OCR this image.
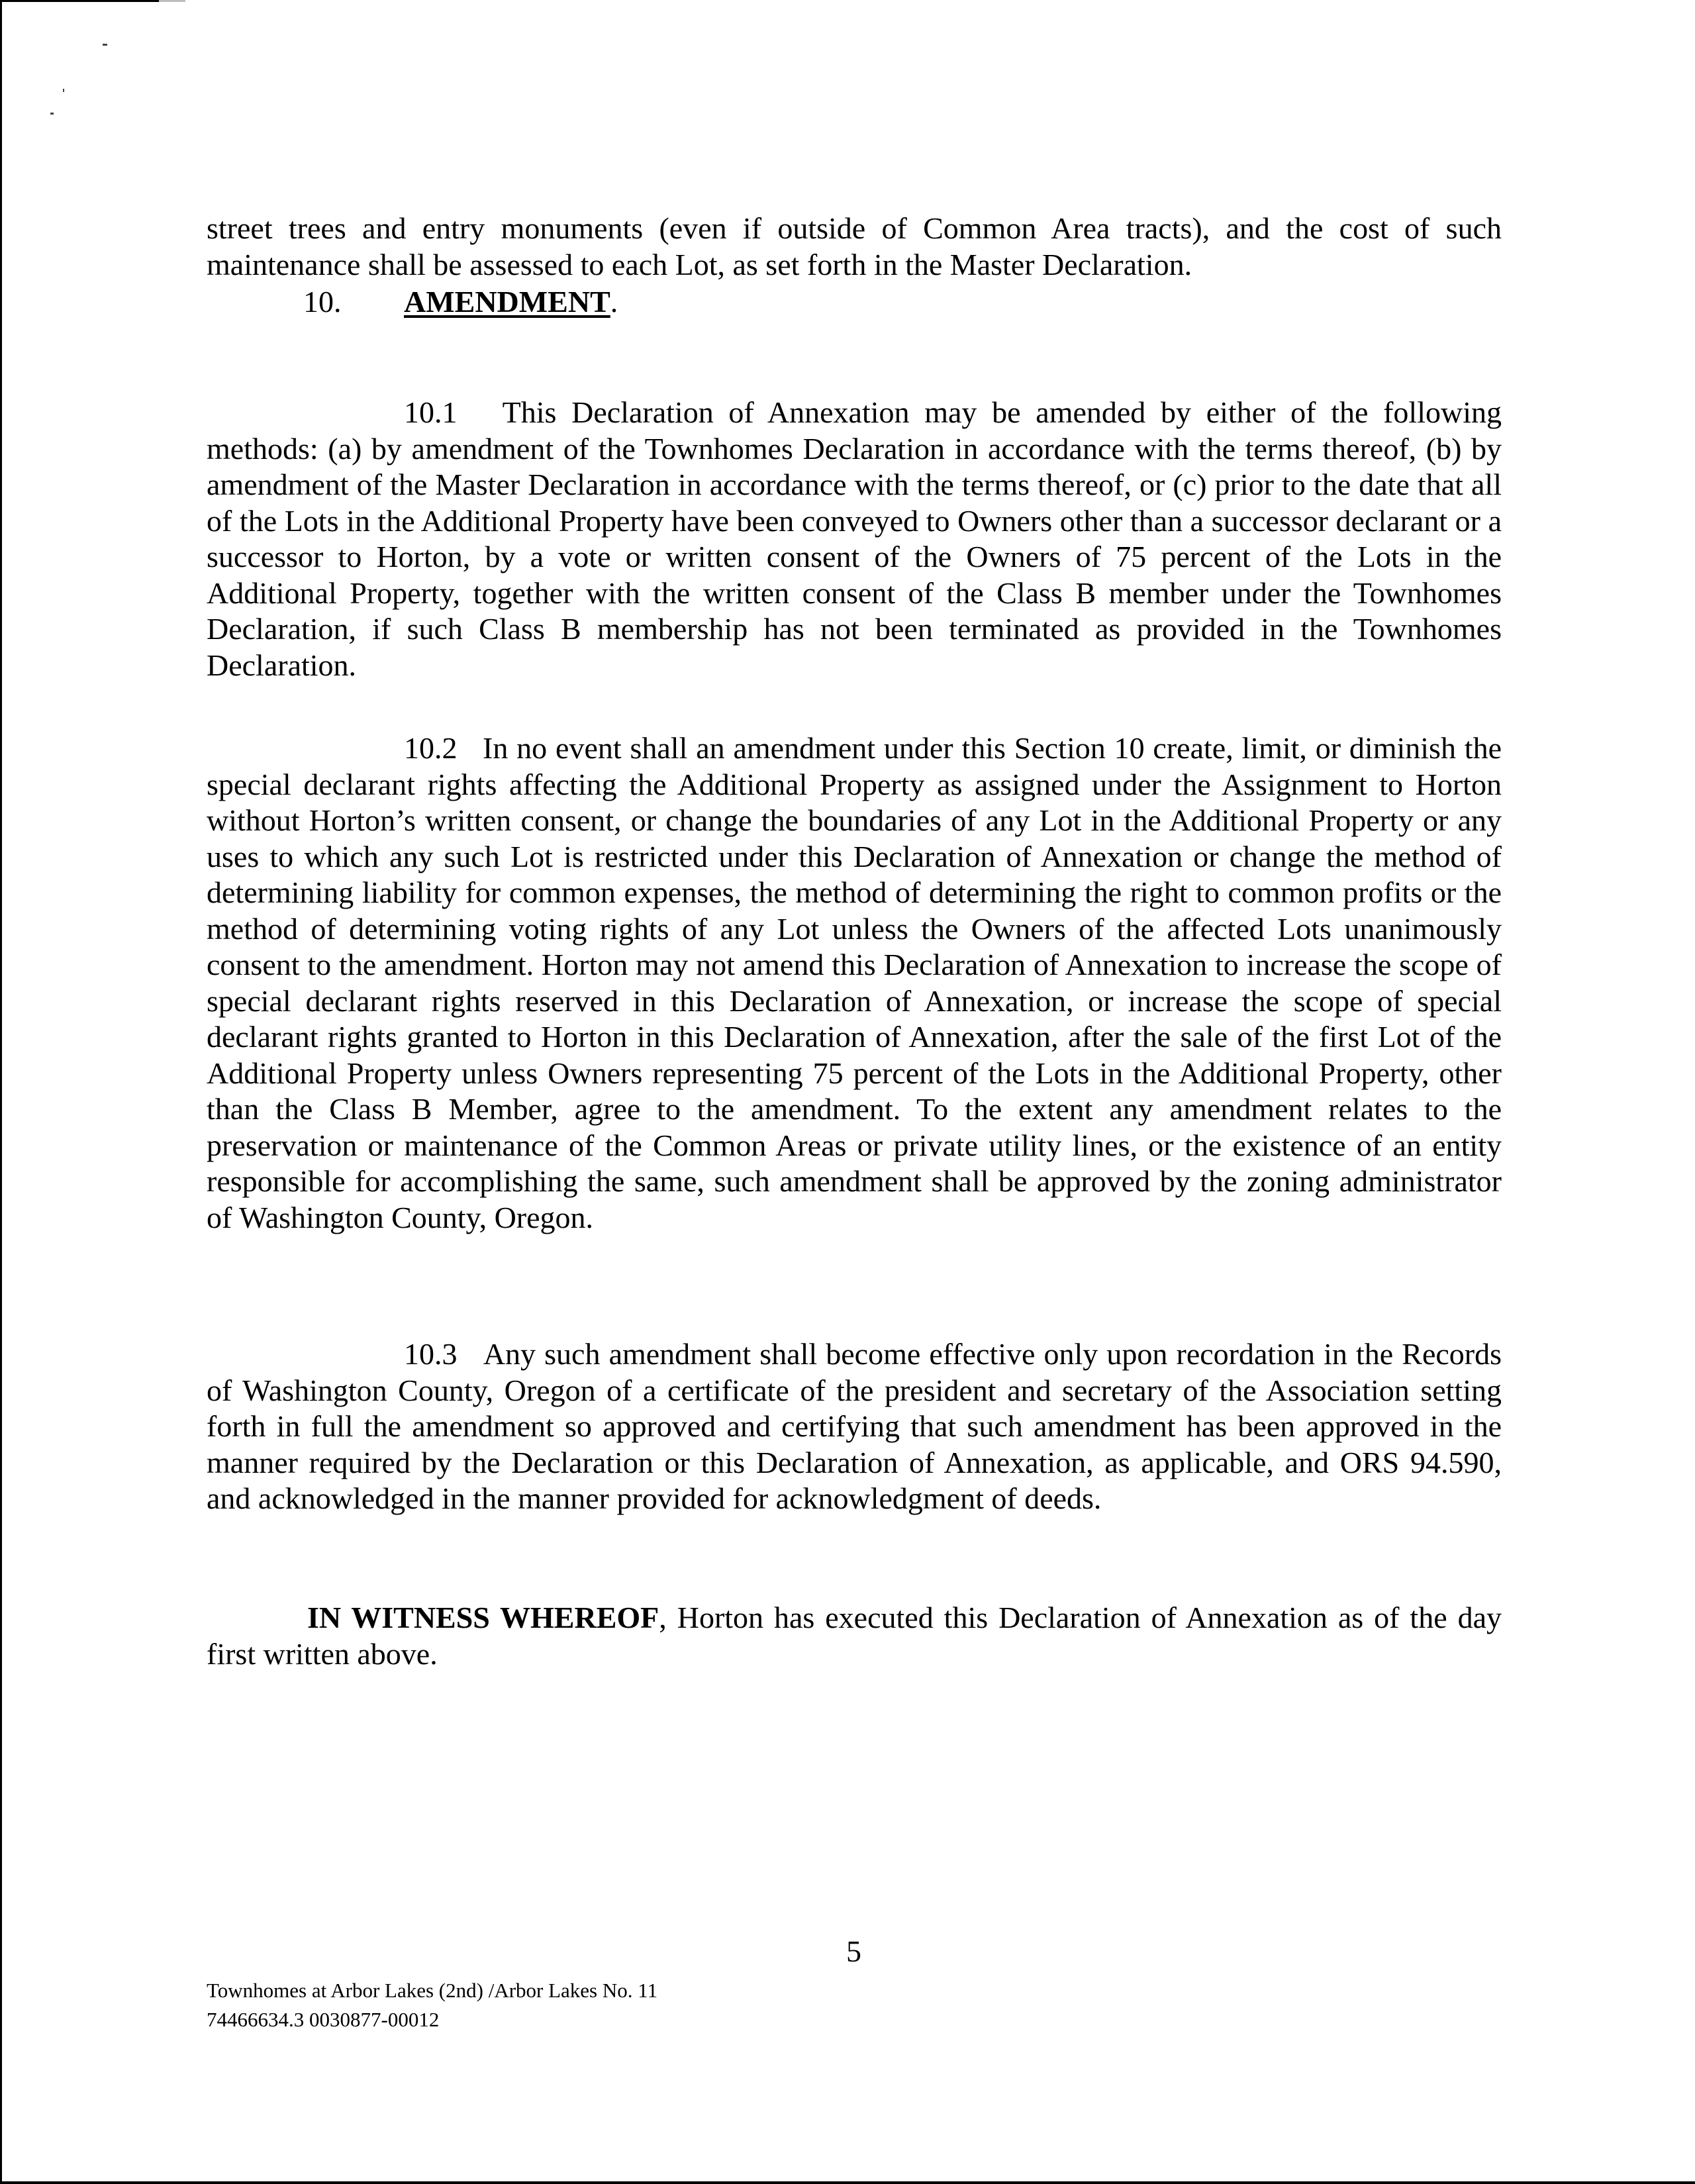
street trees and entry monuments (even if outside of Common Area tracts), and the cost of such maintenance shall be assessed to each Lot, as set forth in the Master Declaration.

10. AMENDMENT.

10.1   This Declaration of Annexation may be amended by either of the following methods: (a) by amendment of the Townhomes Declaration in accordance with the terms thereof, (b) by amendment of the Master Declaration in accordance with the terms thereof, or (c) prior to the date that all of the Lots in the Additional Property have been conveyed to Owners other than a successor declarant or a successor to Horton, by a vote or written consent of the Owners of 75 percent of the Lots in the Additional Property, together with the written consent of the Class B member under the Townhomes Declaration, if such Class B membership has not been terminated as provided in the Townhomes Declaration.

10.2   In no event shall an amendment under this Section 10 create, limit, or diminish the special declarant rights affecting the Additional Property as assigned under the Assignment to Horton without Horton’s written consent, or change the boundaries of any Lot in the Additional Property or any uses to which any such Lot is restricted under this Declaration of Annexation or change the method of determining liability for common expenses, the method of determining the right to common profits or the method of determining voting rights of any Lot unless the Owners of the affected Lots unanimously consent to the amendment. Horton may not amend this Declaration of Annexation to increase the scope of special declarant rights reserved in this Declaration of Annexation, or increase the scope of special declarant rights granted to Horton in this Declaration of Annexation, after the sale of the first Lot of the Additional Property unless Owners representing 75 percent of the Lots in the Additional Property, other than the Class B Member, agree to the amendment. To the extent any amendment relates to the preservation or maintenance of the Common Areas or private utility lines, or the existence of an entity responsible for accomplishing the same, such amendment shall be approved by the zoning administrator of Washington County, Oregon.

10.3   Any such amendment shall become effective only upon recordation in the Records of Washington County, Oregon of a certificate of the president and secretary of the Association setting forth in full the amendment so approved and certifying that such amendment has been approved in the manner required by the Declaration or this Declaration of Annexation, as applicable, and ORS 94.590, and acknowledged in the manner provided for acknowledgment of deeds.

IN WITNESS WHEREOF, Horton has executed this Declaration of Annexation as of the day first written above.

5
Townhomes at Arbor Lakes (2nd) /Arbor Lakes No. 11
74466634.3 0030877-00012
